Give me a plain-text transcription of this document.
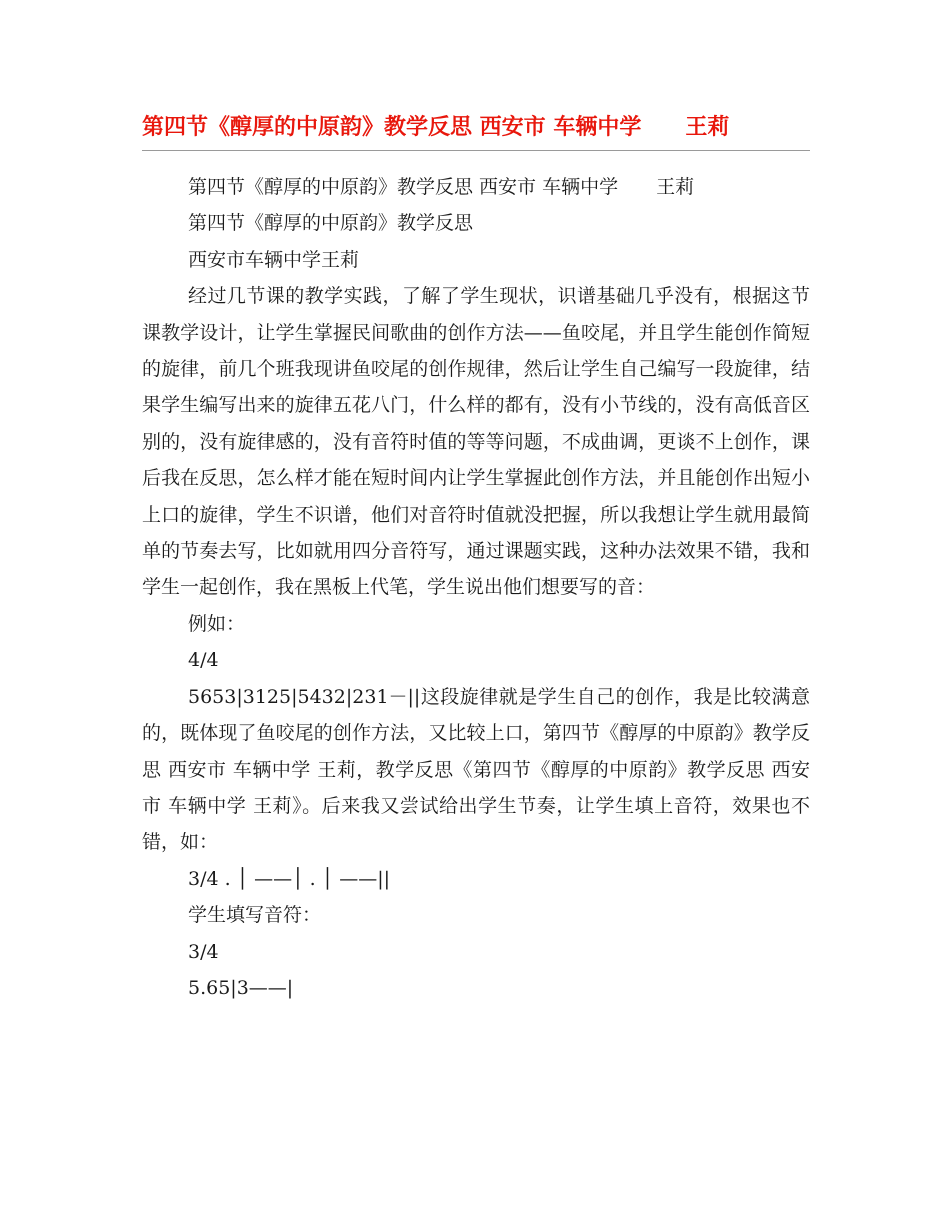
第四节《醇厚的中原韵》教学反思 西安市 车辆中学　　王莉

第四节《醇厚的中原韵》教学反思 西安市 车辆中学　　王莉

第四节《醇厚的中原韵》教学反思

西安市车辆中学王莉

经过几节课的教学实践，了解了学生现状，识谱基础几乎没有，根据这节课教学设计，让学生掌握民间歌曲的创作方法——鱼咬尾，并且学生能创作简短的旋律，前几个班我现讲鱼咬尾的创作规律，然后让学生自己编写一段旋律，结果学生编写出来的旋律五花八门，什么样的都有，没有小节线的，没有高低音区别的，没有旋律感的，没有音符时值的等等问题，不成曲调，更谈不上创作，课后我在反思，怎么样才能在短时间内让学生掌握此创作方法，并且能创作出短小上口的旋律，学生不识谱，他们对音符时值就没把握，所以我想让学生就用最简单的节奏去写，比如就用四分音符写，通过课题实践，这种办法效果不错，我和学生一起创作，我在黑板上代笔，学生说出他们想要写的音：

例如：

4/4

5653|3125|5432|231－||这段旋律就是学生自己的创作，我是比较满意的，既体现了鱼咬尾的创作方法，又比较上口，第四节《醇厚的中原韵》教学反思 西安市 车辆中学 王莉，教学反思《第四节《醇厚的中原韵》教学反思 西安市 车辆中学 王莉》。后来我又尝试给出学生节奏，让学生填上音符，效果也不错，如：

3/4 . │ ——│ . │ ——||

学生填写音符：

3/4

5.65|3——|
